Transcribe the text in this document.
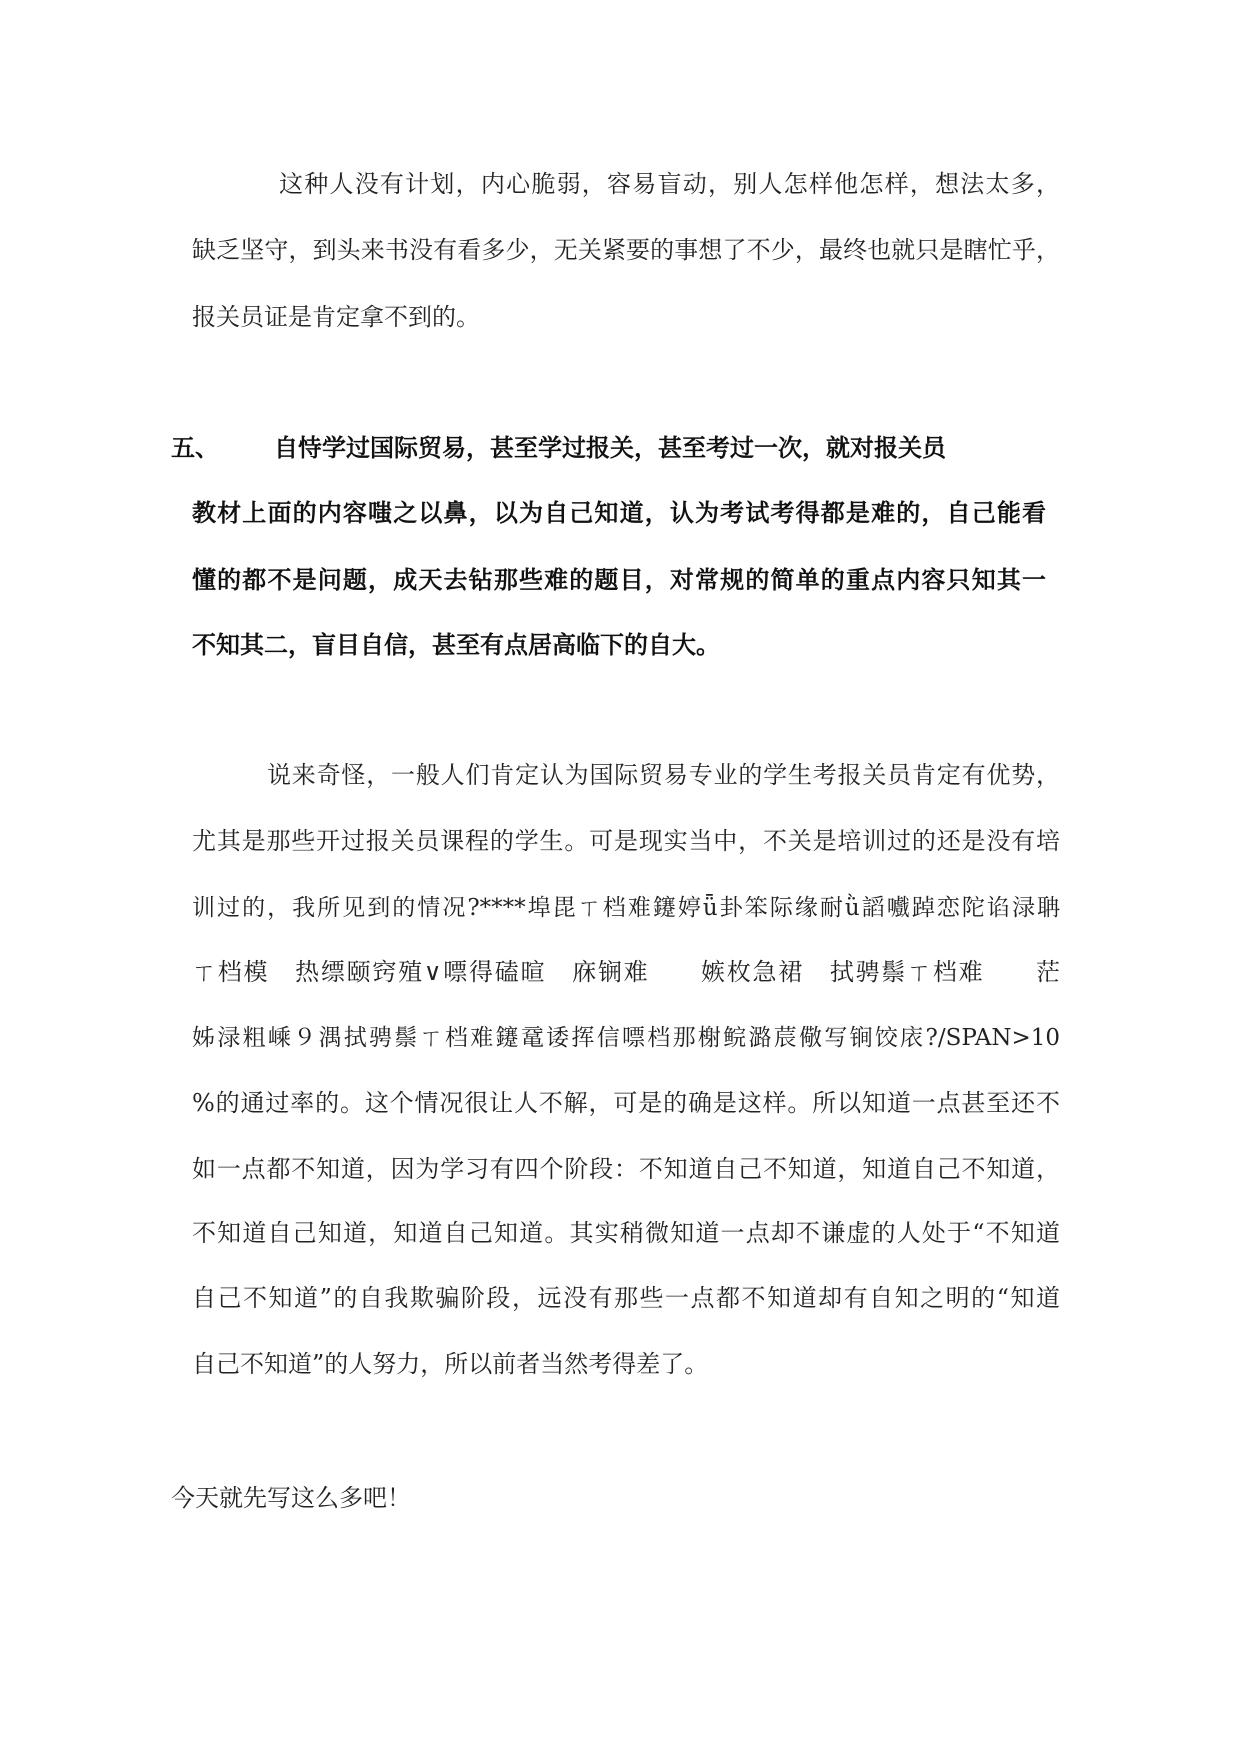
这种人没有计划，内心脆弱，容易盲动，别人怎样他怎样，想法太多，
缺乏坚守，到头来书没有看多少，无关紧要的事想了不少，最终也就只是瞎忙乎，
报关员证是肯定拿不到的。
五、 自恃学过国际贸易，甚至学过报关，甚至考过一次，就对报关员
教材上面的内容嗤之以鼻，以为自己知道，认为考试考得都是难的，自己能看
懂的都不是问题，成天去钻那些难的题目，对常规的简单的重点内容只知其一
不知其二，盲目自信，甚至有点居高临下的自大。
说来奇怪，一般人们肯定认为国际贸易专业的学生考报关员肯定有优势，
尤其是那些开过报关员课程的学生。可是现实当中，不关是培训过的还是没有培
训过的，我所见到的情况?****埠毘ㄒ档难鑳婷ǖ卦笨际缘耐ǜ謟嚱踔恋陀谄渌聃
ㄒ档模　热缥颐窍殖∨嘌得磕暄　庥锎难　　嫉枚急裙　拭骋鬃ㄒ档难　　茫
姊渌粗嵊９湡拭骋鬃ㄒ档难鑳鼋诿挥信嘌档那榭鲩潞莀儆写锏饺庡?/SPAN>10
%的通过率的。这个情况很让人不解，可是的确是这样。所以知道一点甚至还不
如一点都不知道，因为学习有四个阶段：不知道自己不知道，知道自己不知道，
不知道自己知道，知道自己知道。其实稍微知道一点却不谦虚的人处于“不知道
自己不知道”的自我欺骗阶段，远没有那些一点都不知道却有自知之明的“知道
自己不知道”的人努力，所以前者当然考得差了。
今天就先写这么多吧！
